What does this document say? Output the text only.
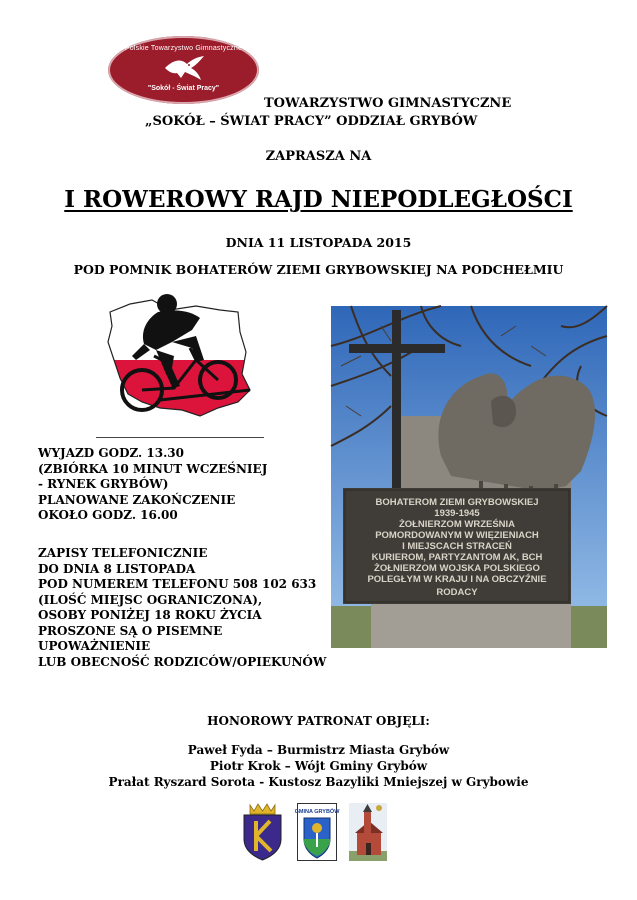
Polskie Towarzystwo Gimnastyczne
"Sokół - Świat Pracy"
TOWARZYSTWO GIMNASTYCZNE
„SOKÓŁ – ŚWIAT PRACY” ODDZIAŁ GRYBÓW
ZAPRASZA NA
I ROWEROWY RAJD NIEPODLEGŁOŚCI
DNIA 11 LISTOPADA 2015
POD POMNIK BOHATERÓW ZIEMI GRYBOWSKIEJ NA PODCHEŁMIU
WYJAZD GODZ. 13.30
(ZBIÓRKA 10 MINUT WCZEŚNIEJ
- RYNEK GRYBÓW)
PLANOWANE ZAKOŃCZENIE
OKOŁO GODZ. 16.00
ZAPISY TELEFONICZNIE
DO DNIA 8 LISTOPADA
POD NUMEREM TELEFONU 508 102 633
(ILOŚĆ MIEJSC OGRANICZONA),
OSOBY PONIŻEJ 18 ROKU ŻYCIA
PROSZONE SĄ O PISEMNE
UPOWAŻNIENIE
LUB OBECNOŚĆ RODZICÓW/OPIEKUNÓW
BOHATEROM ZIEMI GRYBOWSKIEJ
1939-1945
ŻOŁNIERZOM WRZEŚNIA
POMORDOWANYM W WIĘZIENIACH
I MIEJSCACH STRACEŃ
KURIEROM, PARTYZANTOM AK, BCH
ŻOŁNIERZOM WOJSKA POLSKIEGO
POLEGŁYM W KRAJU I NA OBCZYŹNIE
RODACY
HONOROWY PATRONAT OBJĘLI:
Paweł Fyda – Burmistrz Miasta Grybów
Piotr Krok – Wójt Gminy Grybów
Prałat Ryszard Sorota - Kustosz Bazyliki Mniejszej w Grybowie
GMINA GRYBÓW
